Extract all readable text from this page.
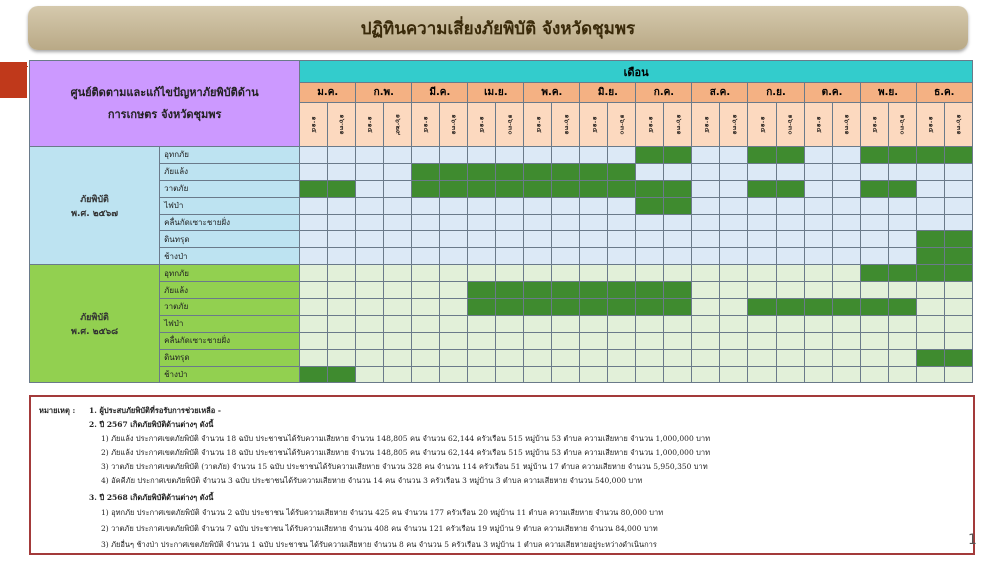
ปฏิทินความเสี่ยงภัยพิบัติ จังหวัดชุมพร
ศูนย์ติดตามและแก้ไขปัญหาภัยพิบัติด้าน
การเกษตร จังหวัดชุมพร		เดือน																							
		ม.ค.		ก.พ.		มี.ค.		เม.ย.		พ.ค.		มิ.ย.		ก.ค.		ส.ค.		ก.ย.		ต.ค.		พ.ย.		ธ.ค.	
		๑-๑๕	๑๖-๓๑	๑-๑๕	๑๖-๒๙	๑-๑๕	๑๖-๓๑	๑-๑๕	๑๖-๓๐	๑-๑๕	๑๖-๓๑	๑-๑๕	๑๖-๓๐	๑-๑๕	๑๖-๓๑	๑-๑๕	๑๖-๓๑	๑-๑๕	๑๖-๓๐	๑-๑๕	๑๖-๓๑	๑-๑๕	๑๖-๓๐	๑-๑๕	๑๖-๓๑

ภัยพิบัติ
พ.ศ. ๒๕๖๗	อุทกภัย																								
	ภัยแล้ง																								
	วาตภัย																								
	ไฟป่า																								
	คลื่นกัดเซาะชายฝั่ง																								
	ดินทรุด																								
	ช้างป่า																								

ภัยพิบัติ
พ.ศ. ๒๕๖๘	อุทกภัย																								
	ภัยแล้ง																								
	วาตภัย																								
	ไฟป่า																								
	คลื่นกัดเซาะชายฝั่ง																								
	ดินทรุด																								
	ช้างป่า																								
หมายเหตุ : 1. ผู้ประสบภัยพิบัติที่รอรับการช่วยเหลือ -
2. ปี 2567 เกิดภัยพิบัติด้านต่างๆ ดังนี้
1) ภัยแล้ง ประกาศเขตภัยพิบัติ จำนวน 18 ฉบับ ประชาชนได้รับความเสียหาย จำนวน 148,805 คน จำนวน 62,144 ครัวเรือน 515 หมู่บ้าน 53 ตำบล ความเสียหาย จำนวน 1,000,000 บาท
2) ภัยแล้ง ประกาศเขตภัยพิบัติ จำนวน 18 ฉบับ ประชาชนได้รับความเสียหาย จำนวน 148,805 คน จำนวน 62,144 ครัวเรือน 515 หมู่บ้าน 53 ตำบล ความเสียหาย จำนวน 1,000,000 บาท
3) วาตภัย ประกาศเขตภัยพิบัติ (วาตภัย) จำนวน 15 ฉบับ ประชาชนได้รับความเสียหาย จำนวน 328 คน จำนวน 114 ครัวเรือน 51 หมู่บ้าน 17 ตำบล ความเสียหาย จำนวน 5,950,350 บาท
4) อัคคีภัย ประกาศเขตภัยพิบัติ จำนวน 3 ฉบับ ประชาชนได้รับความเสียหาย จำนวน 14 คน จำนวน 3 ครัวเรือน 3 หมู่บ้าน 3 ตำบล ความเสียหาย จำนวน 540,000 บาท
3. ปี 2568 เกิดภัยพิบัติด้านต่างๆ ดังนี้
1) อุทกภัย ประกาศเขตภัยพิบัติ จำนวน 2 ฉบับ ประชาชน ได้รับความเสียหาย จำนวน 425 คน จำนวน 177 ครัวเรือน 20 หมู่บ้าน 11 ตำบล ความเสียหาย จำนวน 80,000 บาท
2) วาตภัย ประกาศเขตภัยพิบัติ จำนวน 7 ฉบับ ประชาชน ได้รับความเสียหาย จำนวน 408 คน จำนวน 121 ครัวเรือน 19 หมู่บ้าน 9 ตำบล ความเสียหาย จำนวน 84,000 บาท
3) ภัยอื่นๆ ช้างป่า ประกาศเขตภัยพิบัติ จำนวน 1 ฉบับ ประชาชน ได้รับความเสียหาย จำนวน 8 คน จำนวน 5 ครัวเรือน 3 หมู่บ้าน 1 ตำบล ความเสียหายอยู่ระหว่างดำเนินการ	1
